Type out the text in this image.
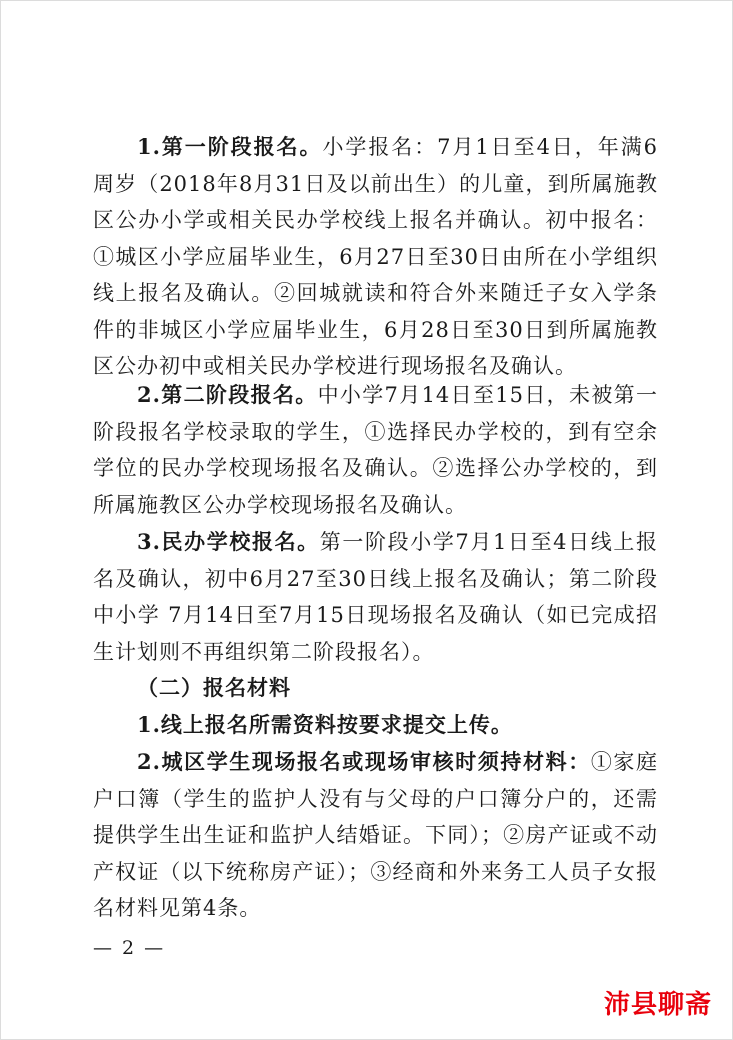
1.第一阶段报名。小学报名：7月1日至4日，年满6周岁（2018年8月31日及以前出生）的儿童，到所属施教区公办小学或相关民办学校线上报名并确认。初中报名：①城区小学应届毕业生，6月27日至30日由所在小学组织线上报名及确认。②回城就读和符合外来随迁子女入学条件的非城区小学应届毕业生，6月28日至30日到所属施教区公办初中或相关民办学校进行现场报名及确认。

2.第二阶段报名。中小学7月14日至15日，未被第一阶段报名学校录取的学生，①选择民办学校的，到有空余学位的民办学校现场报名及确认。②选择公办学校的，到所属施教区公办学校现场报名及确认。

3.民办学校报名。第一阶段小学7月1日至4日线上报名及确认，初中6月27至30日线上报名及确认；第二阶段中小学 7月14日至7月15日现场报名及确认（如已完成招生计划则不再组织第二阶段报名）。

（二）报名材料

1.线上报名所需资料按要求提交上传。

2.城区学生现场报名或现场审核时须持材料：①家庭户口簿（学生的监护人没有与父母的户口簿分户的，还需提供学生出生证和监护人结婚证。下同）；②房产证或不动产权证（以下统称房产证）；③经商和外来务工人员子女报名材料见第4条。

— 2 —
沛县聊斋
